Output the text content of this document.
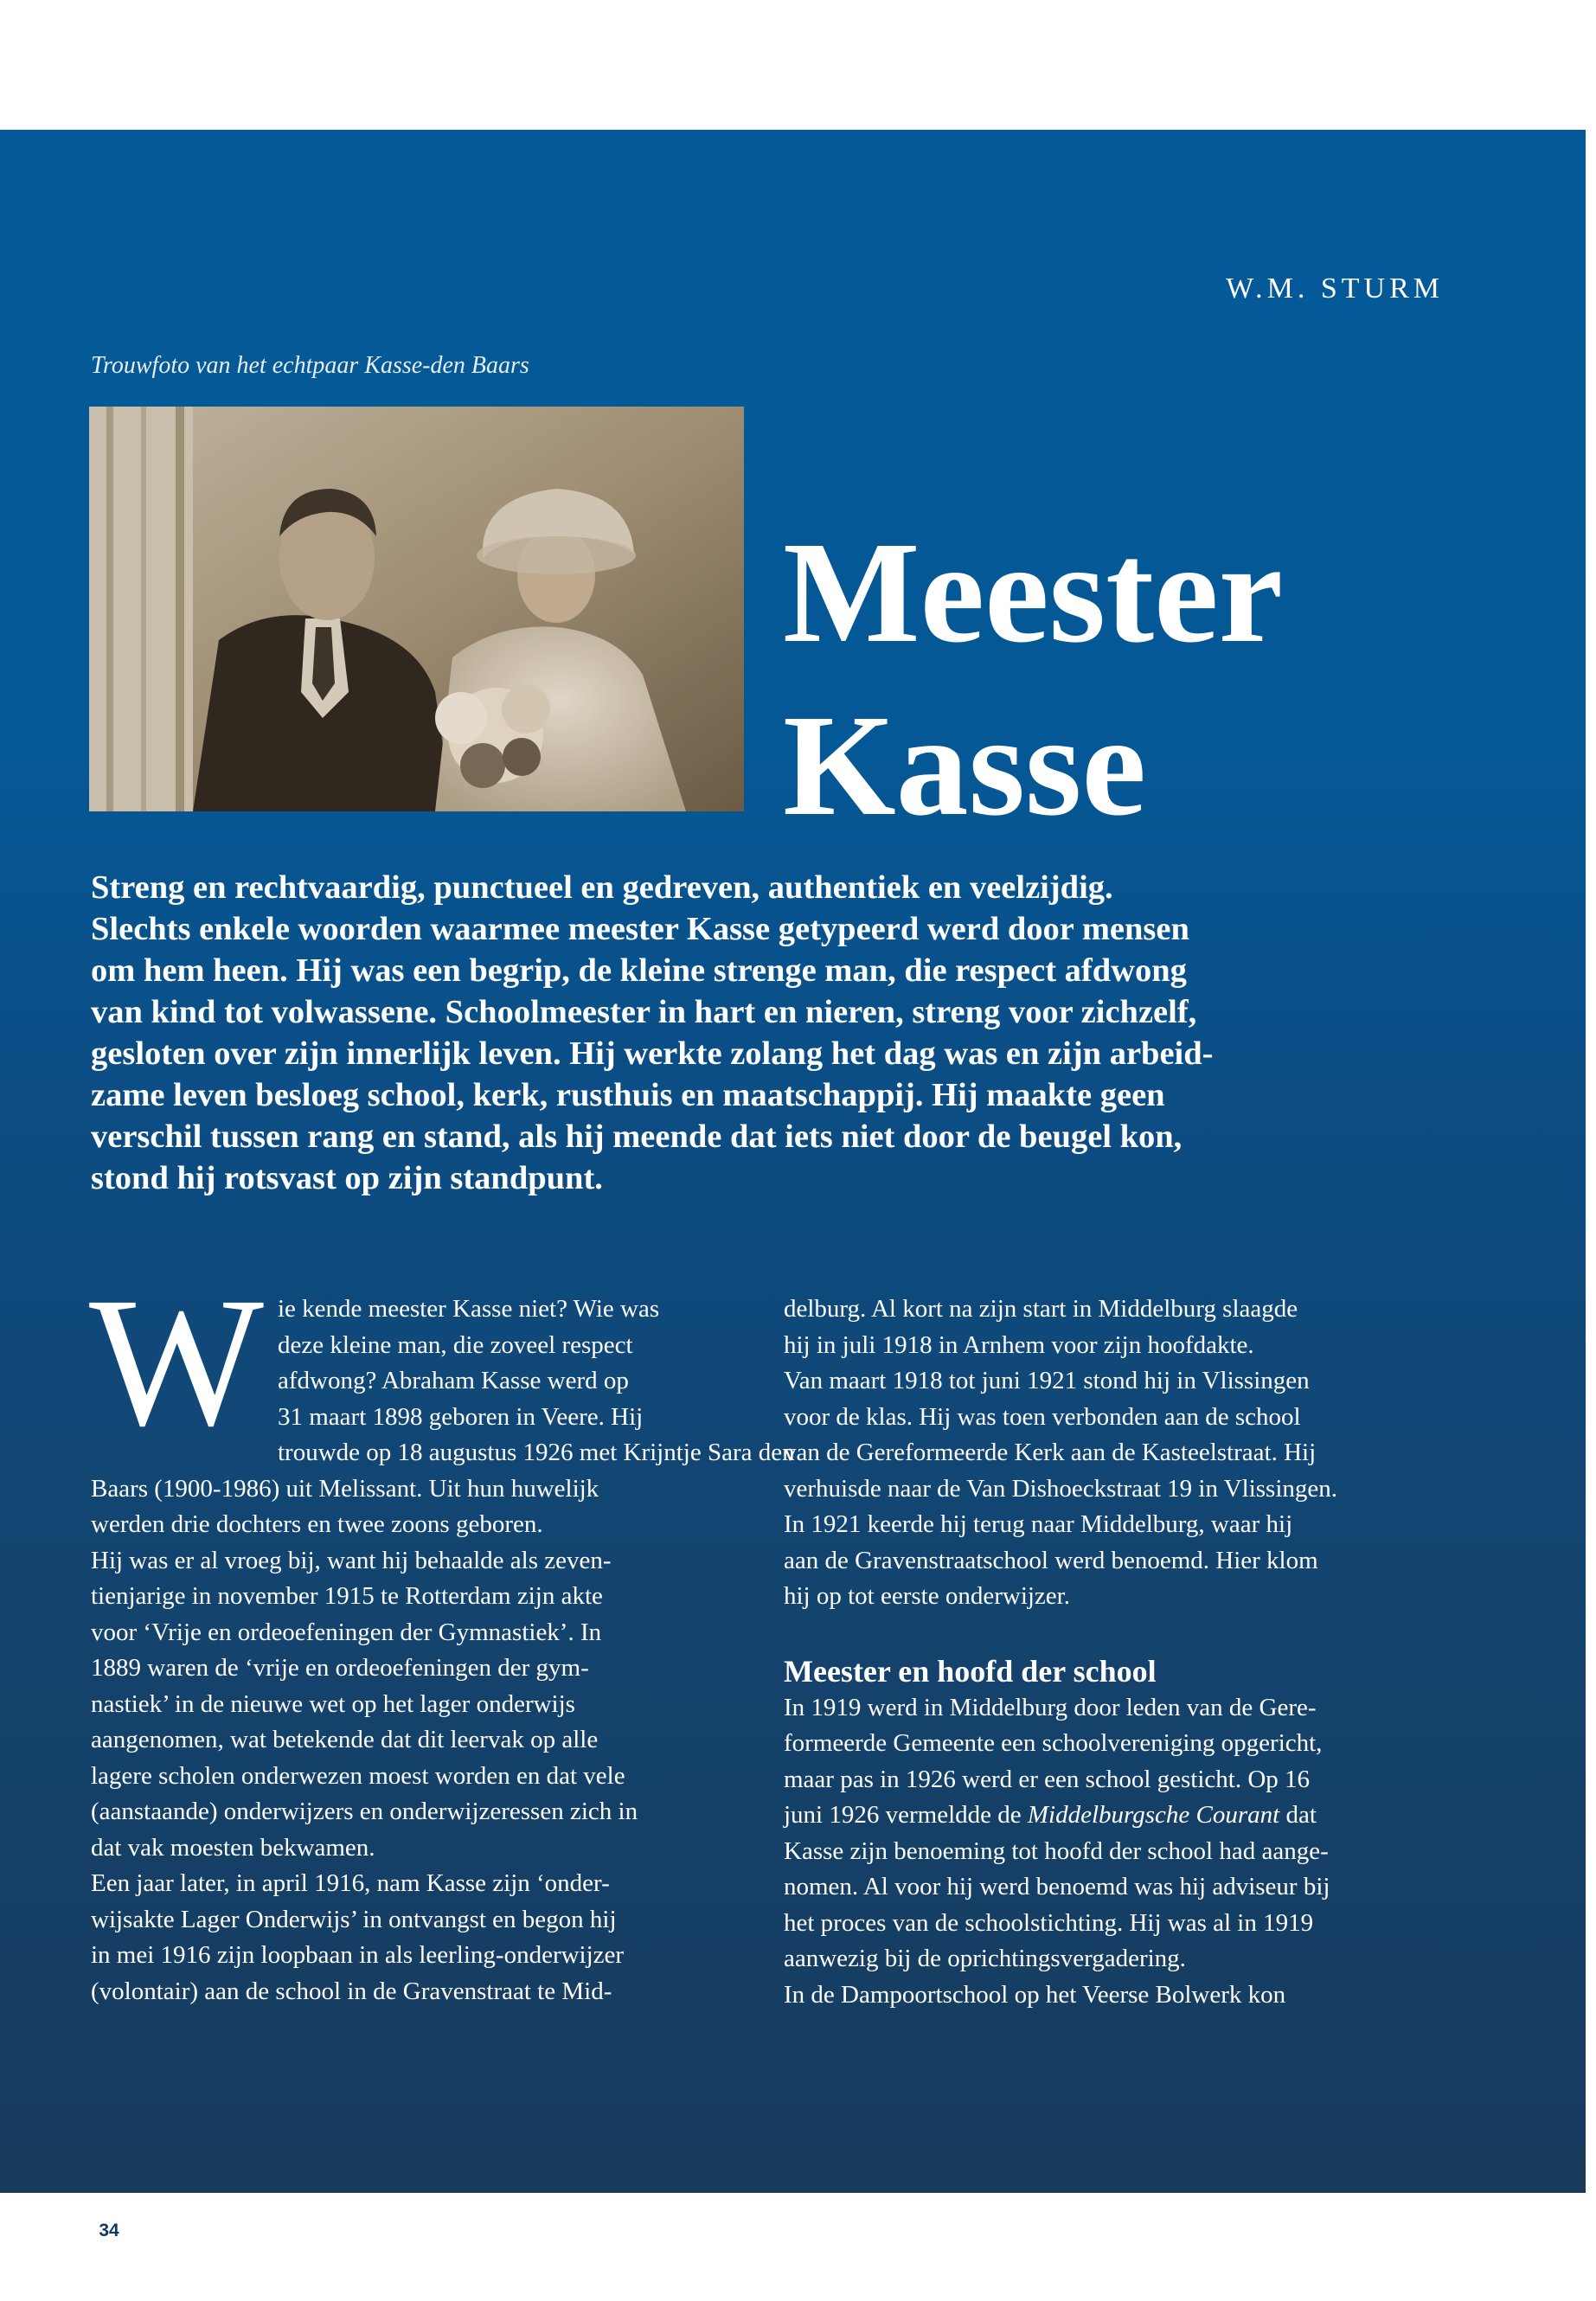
W.M. STURM

Trouwfoto van het echtpaar Kasse-den Baars

Meester
Kasse

Streng en rechtvaardig, punctueel en gedreven, authentiek en veelzijdig.
Slechts enkele woorden waarmee meester Kasse getypeerd werd door mensen
om hem heen. Hij was een begrip, de kleine strenge man, die respect afdwong
van kind tot volwassene. Schoolmeester in hart en nieren, streng voor zichzelf,
gesloten over zijn innerlijk leven. Hij werkte zolang het dag was en zijn arbeid-
zame leven besloeg school, kerk, rusthuis en maatschappij. Hij maakte geen
verschil tussen rang en stand, als hij meende dat iets niet door de beugel kon,
stond hij rotsvast op zijn standpunt.

W ie kende meester Kasse niet? Wie was
deze kleine man, die zoveel respect
afdwong? Abraham Kasse werd op
31 maart 1898 geboren in Veere. Hij
trouwde op 18 augustus 1926 met Krijntje Sara den
Baars (1900-1986) uit Melissant. Uit hun huwelijk
werden drie dochters en twee zoons geboren.
Hij was er al vroeg bij, want hij behaalde als zeven-
tienjarige in november 1915 te Rotterdam zijn akte
voor ‘Vrije en ordeoefeningen der Gymnastiek’. In
1889 waren de ‘vrije en ordeoefeningen der gym-
nastiek’ in de nieuwe wet op het lager onderwijs
aangenomen, wat betekende dat dit leervak op alle
lagere scholen onderwezen moest worden en dat vele
(aanstaande) onderwijzers en onderwijzeressen zich in
dat vak moesten bekwamen.
Een jaar later, in april 1916, nam Kasse zijn ‘onder-
wijsakte Lager Onderwijs’ in ontvangst en begon hij
in mei 1916 zijn loopbaan in als leerling-onderwijzer
(volontair) aan de school in de Gravenstraat te Mid-

delburg. Al kort na zijn start in Middelburg slaagde
hij in juli 1918 in Arnhem voor zijn hoofdakte.
Van maart 1918 tot juni 1921 stond hij in Vlissingen
voor de klas. Hij was toen verbonden aan de school
van de Gereformeerde Kerk aan de Kasteelstraat. Hij
verhuisde naar de Van Dishoeckstraat 19 in Vlissingen.
In 1921 keerde hij terug naar Middelburg, waar hij
aan de Gravenstraatschool werd benoemd. Hier klom
hij op tot eerste onderwijzer.

Meester en hoofd der school

In 1919 werd in Middelburg door leden van de Gere-
formeerde Gemeente een schoolvereniging opgericht,
maar pas in 1926 werd er een school gesticht. Op 16
juni 1926 vermeldde de Middelburgsche Courant dat
Kasse zijn benoeming tot hoofd der school had aange-
nomen. Al voor hij werd benoemd was hij adviseur bij
het proces van de schoolstichting. Hij was al in 1919
aanwezig bij de oprichtingsvergadering.
In de Dampoortschool op het Veerse Bolwerk kon

34	JUNI 2022 / 2
